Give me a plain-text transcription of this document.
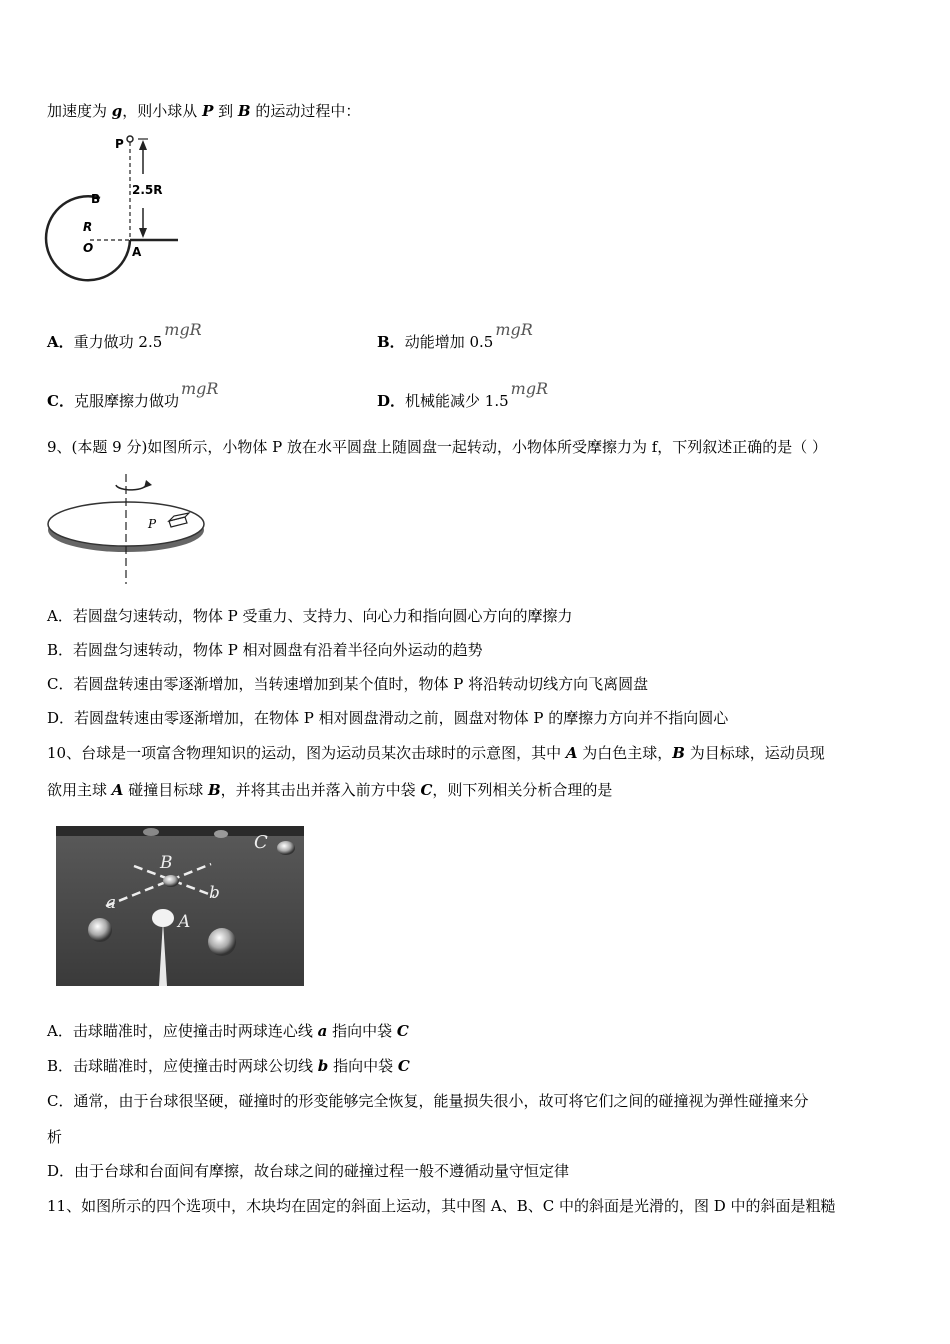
加速度为 g，则小球从 P 到 B 的运动过程中：
P
2.5R
B
R
O	A
A．重力做功 2.5mgR
B．动能增加 0.5mgR
C．克服摩擦力做功mgR
D．机械能减少 1.5mgR
9、(本题 9 分)如图所示，小物体 P 放在水平圆盘上随圆盘一起转动，小物体所受摩擦力为 f，下列叙述正确的是（ ）
P
A．若圆盘匀速转动，物体 P 受重力、支持力、向心力和指向圆心方向的摩擦力
B．若圆盘匀速转动，物体 P 相对圆盘有沿着半径向外运动的趋势
C．若圆盘转速由零逐渐增加，当转速增加到某个值时，物体 P 将沿转动切线方向飞离圆盘
D．若圆盘转速由零逐渐增加，在物体 P 相对圆盘滑动之前，圆盘对物体 P 的摩擦力方向并不指向圆心
10、台球是一项富含物理知识的运动，图为运动员某次击球时的示意图，其中 A 为白色主球，B 为目标球，运动员现
欲用主球 A 碰撞目标球 B，并将其击出并落入前方中袋 C，则下列相关分析合理的是
C
B
a	b
A
A．击球瞄准时，应使撞击时两球连心线 a 指向中袋 C
B．击球瞄准时，应使撞击时两球公切线 b 指向中袋 C
C．通常，由于台球很坚硬，碰撞时的形变能够完全恢复，能量损失很小，故可将它们之间的碰撞视为弹性碰撞来分
析
D．由于台球和台面间有摩擦，故台球之间的碰撞过程一般不遵循动量守恒定律
11、如图所示的四个选项中，木块均在固定的斜面上运动，其中图 A、B、C 中的斜面是光滑的，图 D 中的斜面是粗糙
